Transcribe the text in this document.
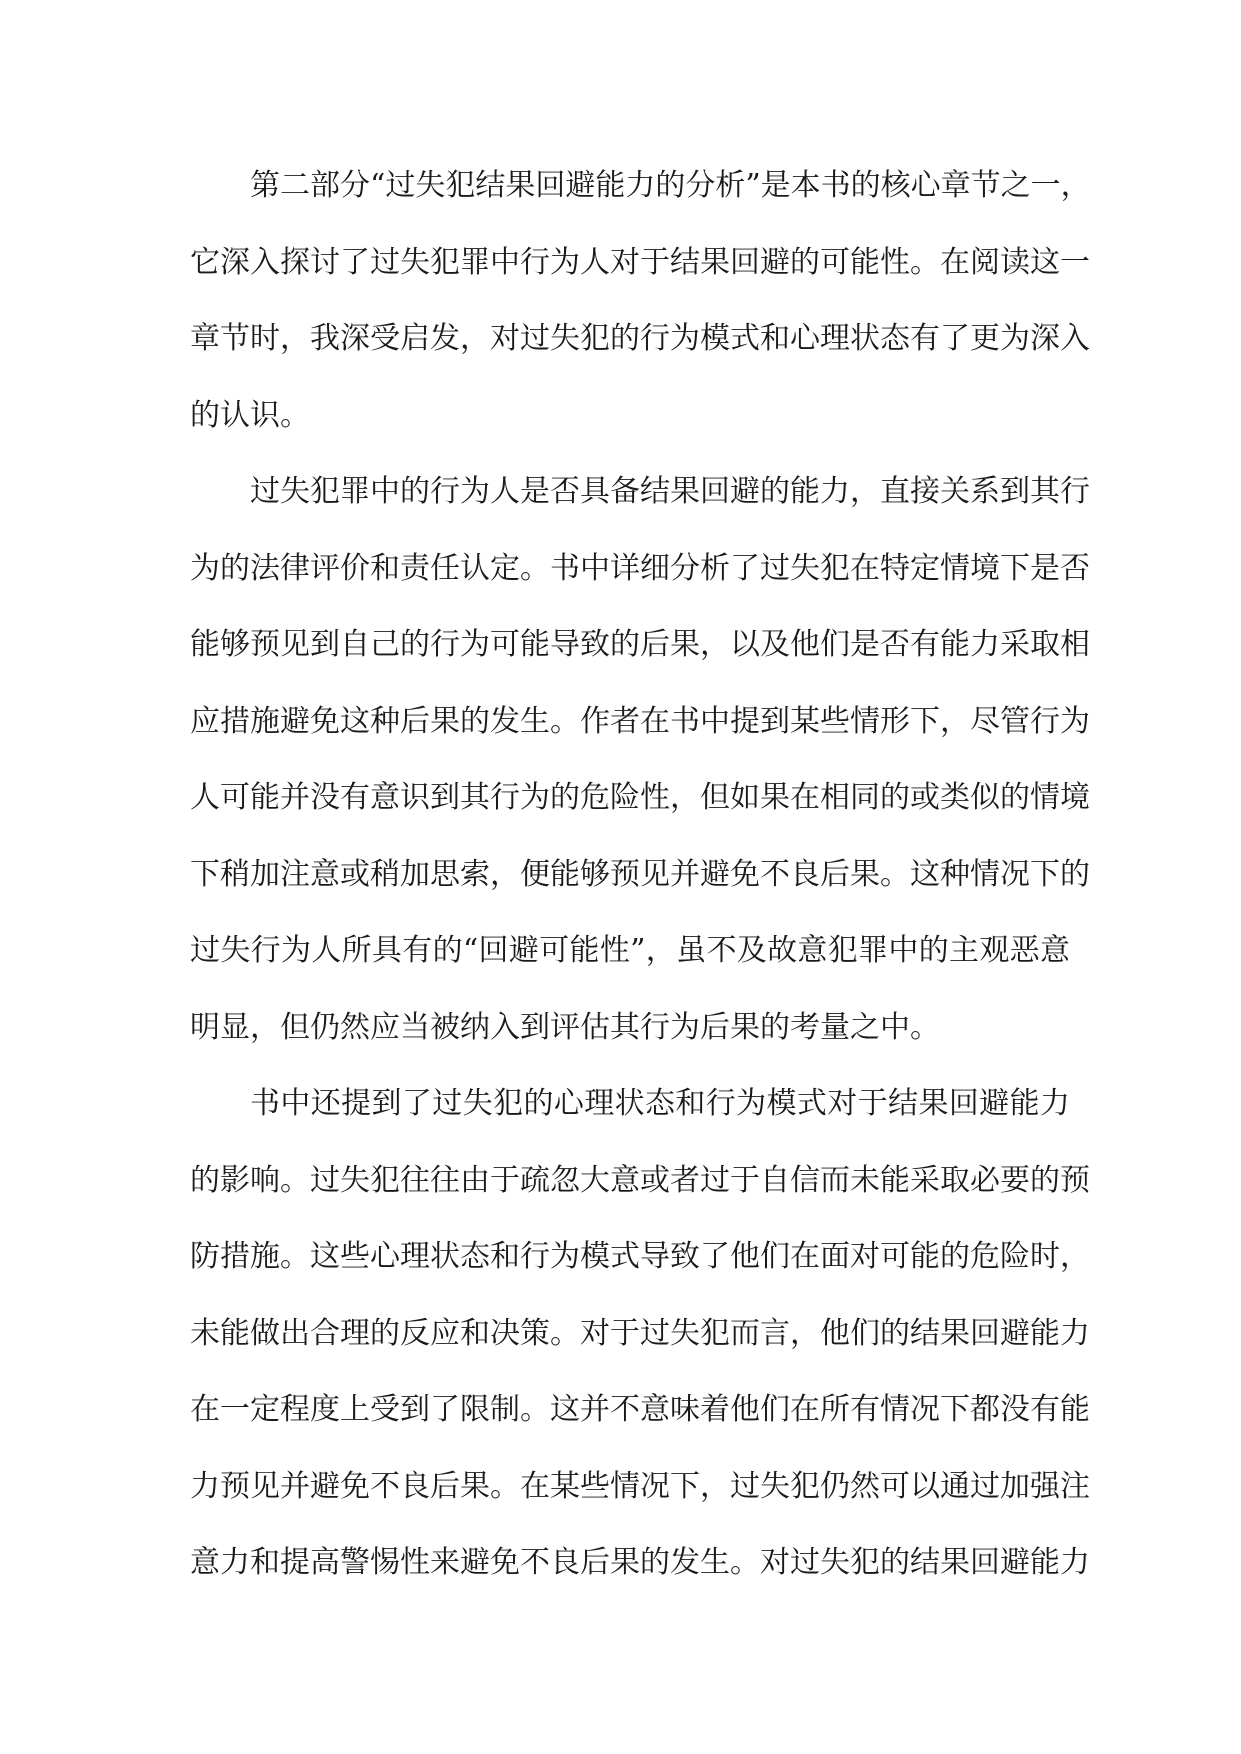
第二部分“过失犯结果回避能力的分析”是本书的核心章节之一，
它深入探讨了过失犯罪中行为人对于结果回避的可能性。在阅读这一
章节时，我深受启发，对过失犯的行为模式和心理状态有了更为深入
的认识。
过失犯罪中的行为人是否具备结果回避的能力，直接关系到其行
为的法律评价和责任认定。书中详细分析了过失犯在特定情境下是否
能够预见到自己的行为可能导致的后果，以及他们是否有能力采取相
应措施避免这种后果的发生。作者在书中提到某些情形下，尽管行为
人可能并没有意识到其行为的危险性，但如果在相同的或类似的情境
下稍加注意或稍加思索，便能够预见并避免不良后果。这种情况下的
过失行为人所具有的“回避可能性”，虽不及故意犯罪中的主观恶意
明显，但仍然应当被纳入到评估其行为后果的考量之中。
书中还提到了过失犯的心理状态和行为模式对于结果回避能力
的影响。过失犯往往由于疏忽大意或者过于自信而未能采取必要的预
防措施。这些心理状态和行为模式导致了他们在面对可能的危险时，
未能做出合理的反应和决策。对于过失犯而言，他们的结果回避能力
在一定程度上受到了限制。这并不意味着他们在所有情况下都没有能
力预见并避免不良后果。在某些情况下，过失犯仍然可以通过加强注
意力和提高警惕性来避免不良后果的发生。对过失犯的结果回避能力
